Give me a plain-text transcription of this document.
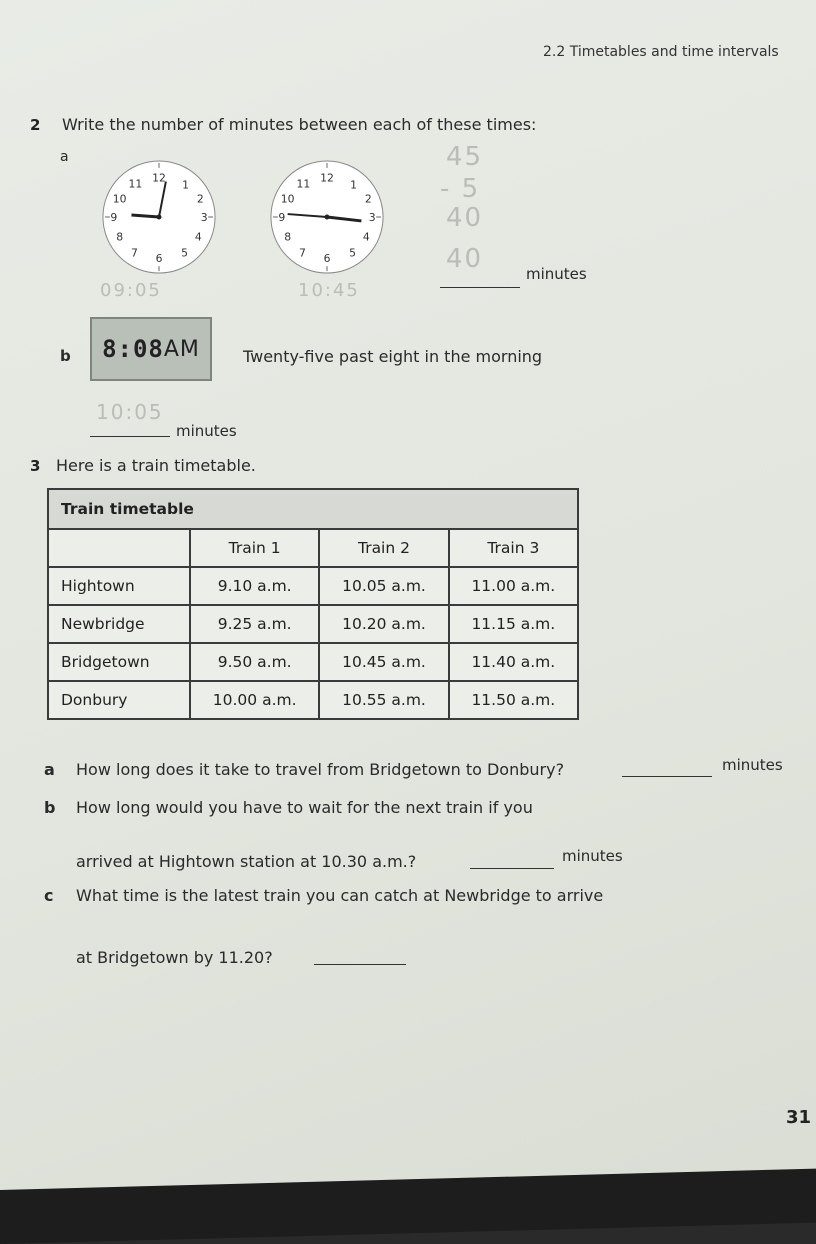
2.2 Timetables and time intervals
2 Write the number of minutes between each of these times:
a
12
1
2
3
4
5
6
7
8
9
10
11	12
1
2
3
4
5
6
7
8
9
10
11
09:05	10:45
45
- 5
40
40	minutes
b 8:08 AM	Twenty-five past eight in the morning
10:05
minutes
3 Here is a train timetable.
Train timetable			
	Train 1	Train 2	Train 3
Hightown	9.10 a.m.	10.05 a.m.	11.00 a.m.
Newbridge	9.25 a.m.	10.20 a.m.	11.15 a.m.
Bridgetown	9.50 a.m.	10.45 a.m.	11.40 a.m.
Donbury	10.00 a.m.	10.55 a.m.	11.50 a.m.
a How long does it take to travel from Bridgetown to Donbury?	minutes
b How long would you have to wait for the next train if you
arrived at Hightown station at 10.30 a.m.?	minutes
c What time is the latest train you can catch at Newbridge to arrive
at Bridgetown by 11.20?
31
